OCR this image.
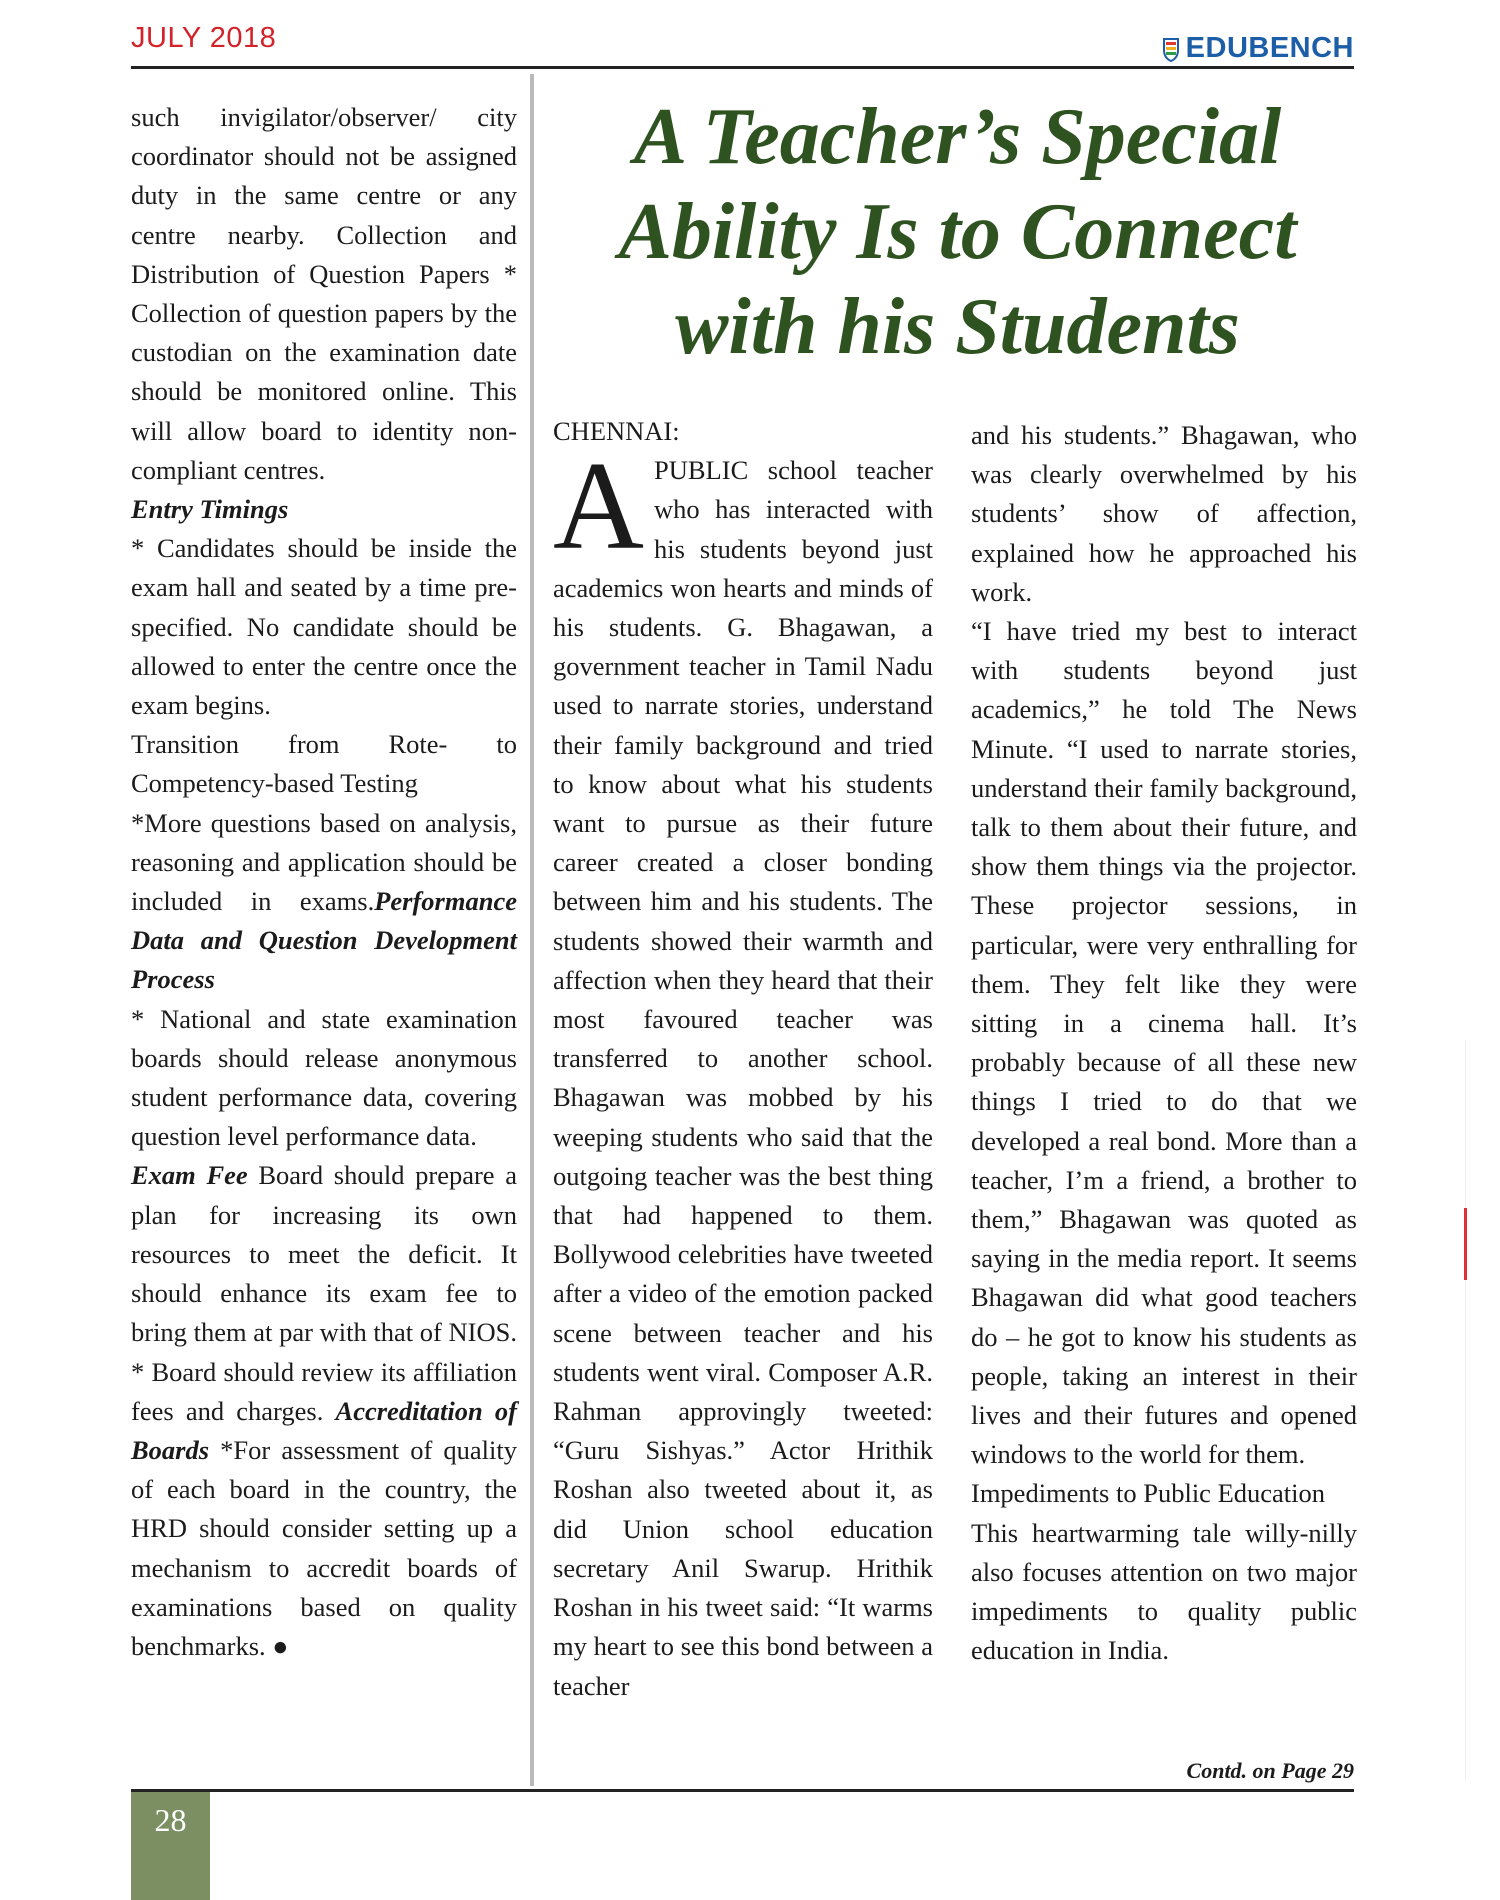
JULY 2018	EDUBENCH

such invigilator/observer/ city coordinator should not be assigned duty in the same centre or any centre nearby. Collection and Distribution of Question Papers * Collection of question papers by the custodian on the examination date should be monitored online. This will allow board to identity non-compliant centres.

Entry Timings

* Candidates should be inside the exam hall and seated by a time pre-specified. No candidate should be allowed to enter the centre once the exam begins.

Transition from Rote- to Competency-based Testing

*More questions based on analysis, reasoning and application should be included in exams.Performance Data and Question Development Process

* National and state examination boards should release anonymous student performance data, covering question level performance data.

Exam Fee Board should prepare a plan for increasing its own resources to meet the deficit. It should enhance its exam fee to bring them at par with that of NIOS. * Board should review its affiliation fees and charges. Accreditation of Boards *For assessment of quality of each board in the country, the HRD should consider setting up a mechanism to accredit boards of examinations based on quality benchmarks. ●

A Teacher’s Special Ability Is to Connect with his Students

CHENNAI:

APUBLIC school teacher who has interacted with his students beyond just academics won hearts and minds of his students. G. Bhagawan, a government teacher in Tamil Nadu used to narrate stories, understand their family background and tried to know about what his students want to pursue as their future career created a closer bonding between him and his students. The students showed their warmth and affection when they heard that their most favoured teacher was transferred to another school. Bhagawan was mobbed by his weeping students who said that the outgoing teacher was the best thing that had happened to them. Bollywood celebrities have tweeted after a video of the emotion packed scene between teacher and his students went viral. Composer A.R. Rahman approvingly tweeted: “Guru Sishyas.” Actor Hrithik Roshan also tweeted about it, as did Union school education secretary Anil Swarup. Hrithik Roshan in his tweet said: “It warms my heart to see this bond between a teacher

and his students.” Bhagawan, who was clearly overwhelmed by his students’ show of affection, explained how he approached his work.

“I have tried my best to interact with students beyond just academics,” he told The News Minute. “I used to narrate stories, understand their family background, talk to them about their future, and show them things via the projector. These projector sessions, in particular, were very enthralling for them. They felt like they were sitting in a cinema hall. It’s probably because of all these new things I tried to do that we developed a real bond. More than a teacher, I’m a friend, a brother to them,” Bhagawan was quoted as saying in the media report. It seems Bhagawan did what good teachers do – he got to know his students as people, taking an interest in their lives and their futures and opened windows to the world for them.

Impediments to Public Education

This heartwarming tale willy-nilly also focuses attention on two major impediments to quality public education in India.

Contd. on Page 29
28
